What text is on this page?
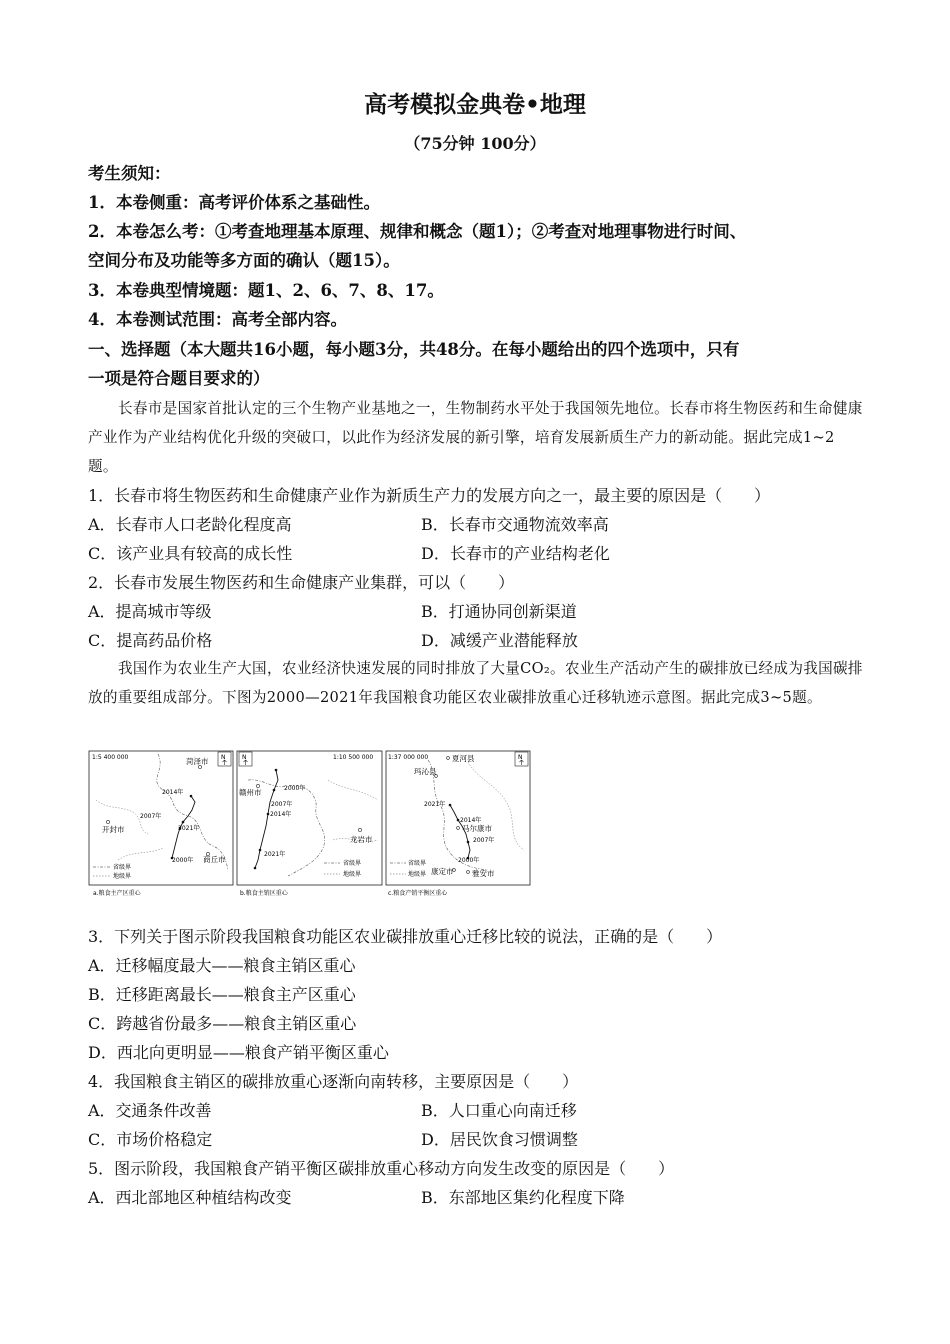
高考模拟金典卷•地理
（75分钟 100分）
考生须知：
1．本卷侧重：高考评价体系之基础性。
2．本卷怎么考：①考查地理基本原理、规律和概念（题1）；②考查对地理事物进行时间、
空间分布及功能等多方面的确认（题15）。
3．本卷典型情境题：题1、2、6、7、8、17。
4．本卷测试范围：高考全部内容。
一、选择题（本大题共16小题，每小题3分，共48分。在每小题给出的四个选项中，只有
一项是符合题目要求的）
长春市是国家首批认定的三个生物产业基地之一，生物制药水平处于我国领先地位。长春市将生物医药和生命健康产业作为产业结构优化升级的突破口，以此作为经济发展的新引擎，培育发展新质生产力的新动能。据此完成1~2题。
1．长春市将生物医药和生命健康产业作为新质生产力的发展方向之一，最主要的原因是（　　）
A．长春市人口老龄化程度高	B．长春市交通物流效率高
C．该产业具有较高的成长性	D．长春市的产业结构老化
2．长春市发展生物医药和生命健康产业集群，可以（　　）
A．提高城市等级	B．打通协同创新渠道
C．提高药品价格	D．减缓产业潜能释放
我国作为农业生产大国，农业经济快速发展的同时排放了大量CO₂。农业生产活动产生的碳排放已经成为我国碳排放的重要组成部分。下图为2000—2021年我国粮食功能区农业碳排放重心迁移轨迹示意图。据此完成3~5题。
1:5 400 000	N
菏泽市
开封市
商丘市
2014年
2007年
2021年
2000年
省级界
地级界
a.粮食主产区重心
1:10 500 000
N
赣州市
龙岩市
2000年
2007年
2014年
2021年
省级界
地级界
b.粮食主销区重心
1:37 000 000	N
夏河县
玛沁县
马尔康市
康定市 雅安市
2021年
2014年
2007年
2000年
省级界
地级界
c.粮食产销平衡区重心
3．下列关于图示阶段我国粮食功能区农业碳排放重心迁移比较的说法，正确的是（　　）
A．迁移幅度最大——粮食主销区重心
B．迁移距离最长——粮食主产区重心
C．跨越省份最多——粮食主销区重心
D．西北向更明显——粮食产销平衡区重心
4．我国粮食主销区的碳排放重心逐渐向南转移，主要原因是（　　）
A．交通条件改善	B．人口重心向南迁移
C．市场价格稳定	D．居民饮食习惯调整
5．图示阶段，我国粮食产销平衡区碳排放重心移动方向发生改变的原因是（　　）
A．西北部地区种植结构改变	B．东部地区集约化程度下降
